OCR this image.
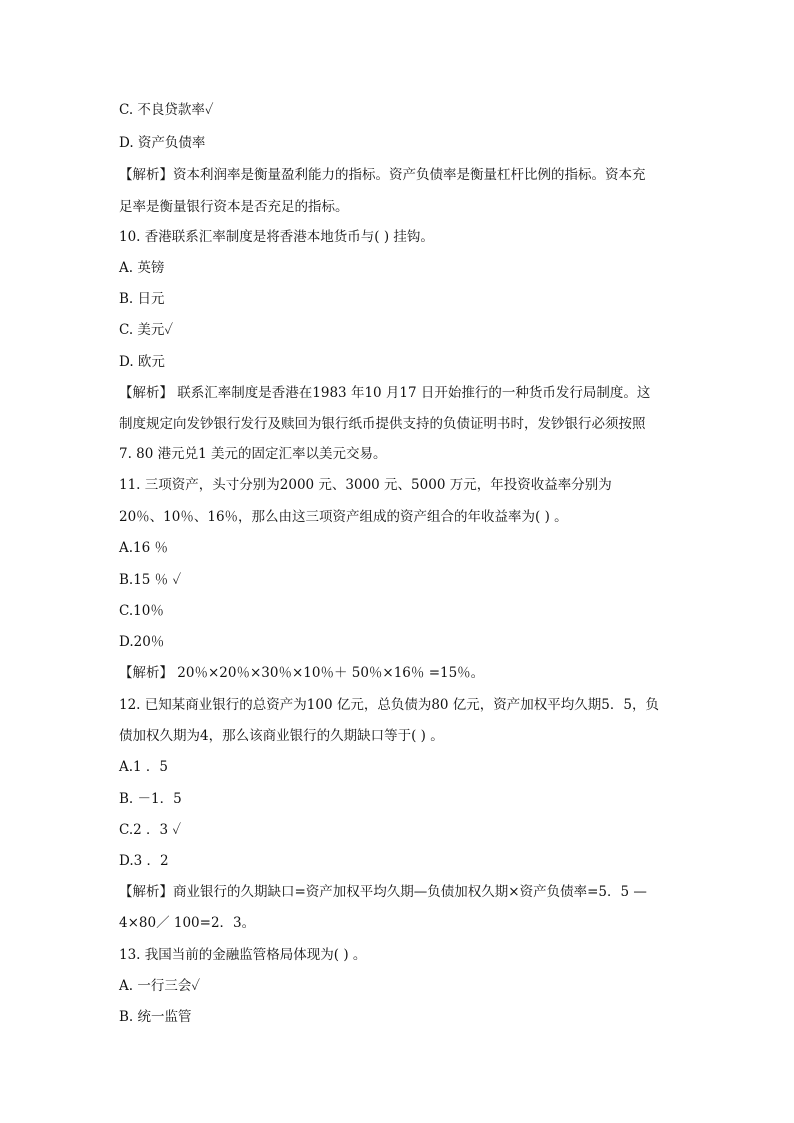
C. 不良贷款率✓
D. 资产负债率
【解析】资本利润率是衡量盈利能力的指标。资产负债率是衡量杠杆比例的指标。资本充
足率是衡量银行资本是否充足的指标。
10. 香港联系汇率制度是将香港本地货币与( ) 挂钩。
A. 英镑
B. 日元
C. 美元✓
D. 欧元
【解析】 联系汇率制度是香港在1983 年10 月17 日开始推行的一种货币发行局制度。这
制度规定向发钞银行发行及赎回为银行纸币提供支持的负债证明书时，发钞银行必须按照
7. 80 港元兑1 美元的固定汇率以美元交易。
11. 三项资产，头寸分别为2000 元、3000 元、5000 万元，年投资收益率分别为
20％、10％、16％，那么由这三项资产组成的资产组合的年收益率为( ) 。
A.16 ％
B.15 ％ ✓
C.10％
D.20％
【解析】 20％×20％×30％×10％＋ 50％×16％ =15％。
12. 已知某商业银行的总资产为100 亿元，总负债为80 亿元，资产加权平均久期5．5，负
债加权久期为4，那么该商业银行的久期缺口等于( ) 。
A.1 ．5
B. －1．5
C.2 ．3 ✓
D.3 ．2
【解析】商业银行的久期缺口=资产加权平均久期—负债加权久期×资产负债率=5．5 —
4×80／ 100=2．3。
13. 我国当前的金融监管格局体现为( ) 。
A. 一行三会✓
B. 统一监管
